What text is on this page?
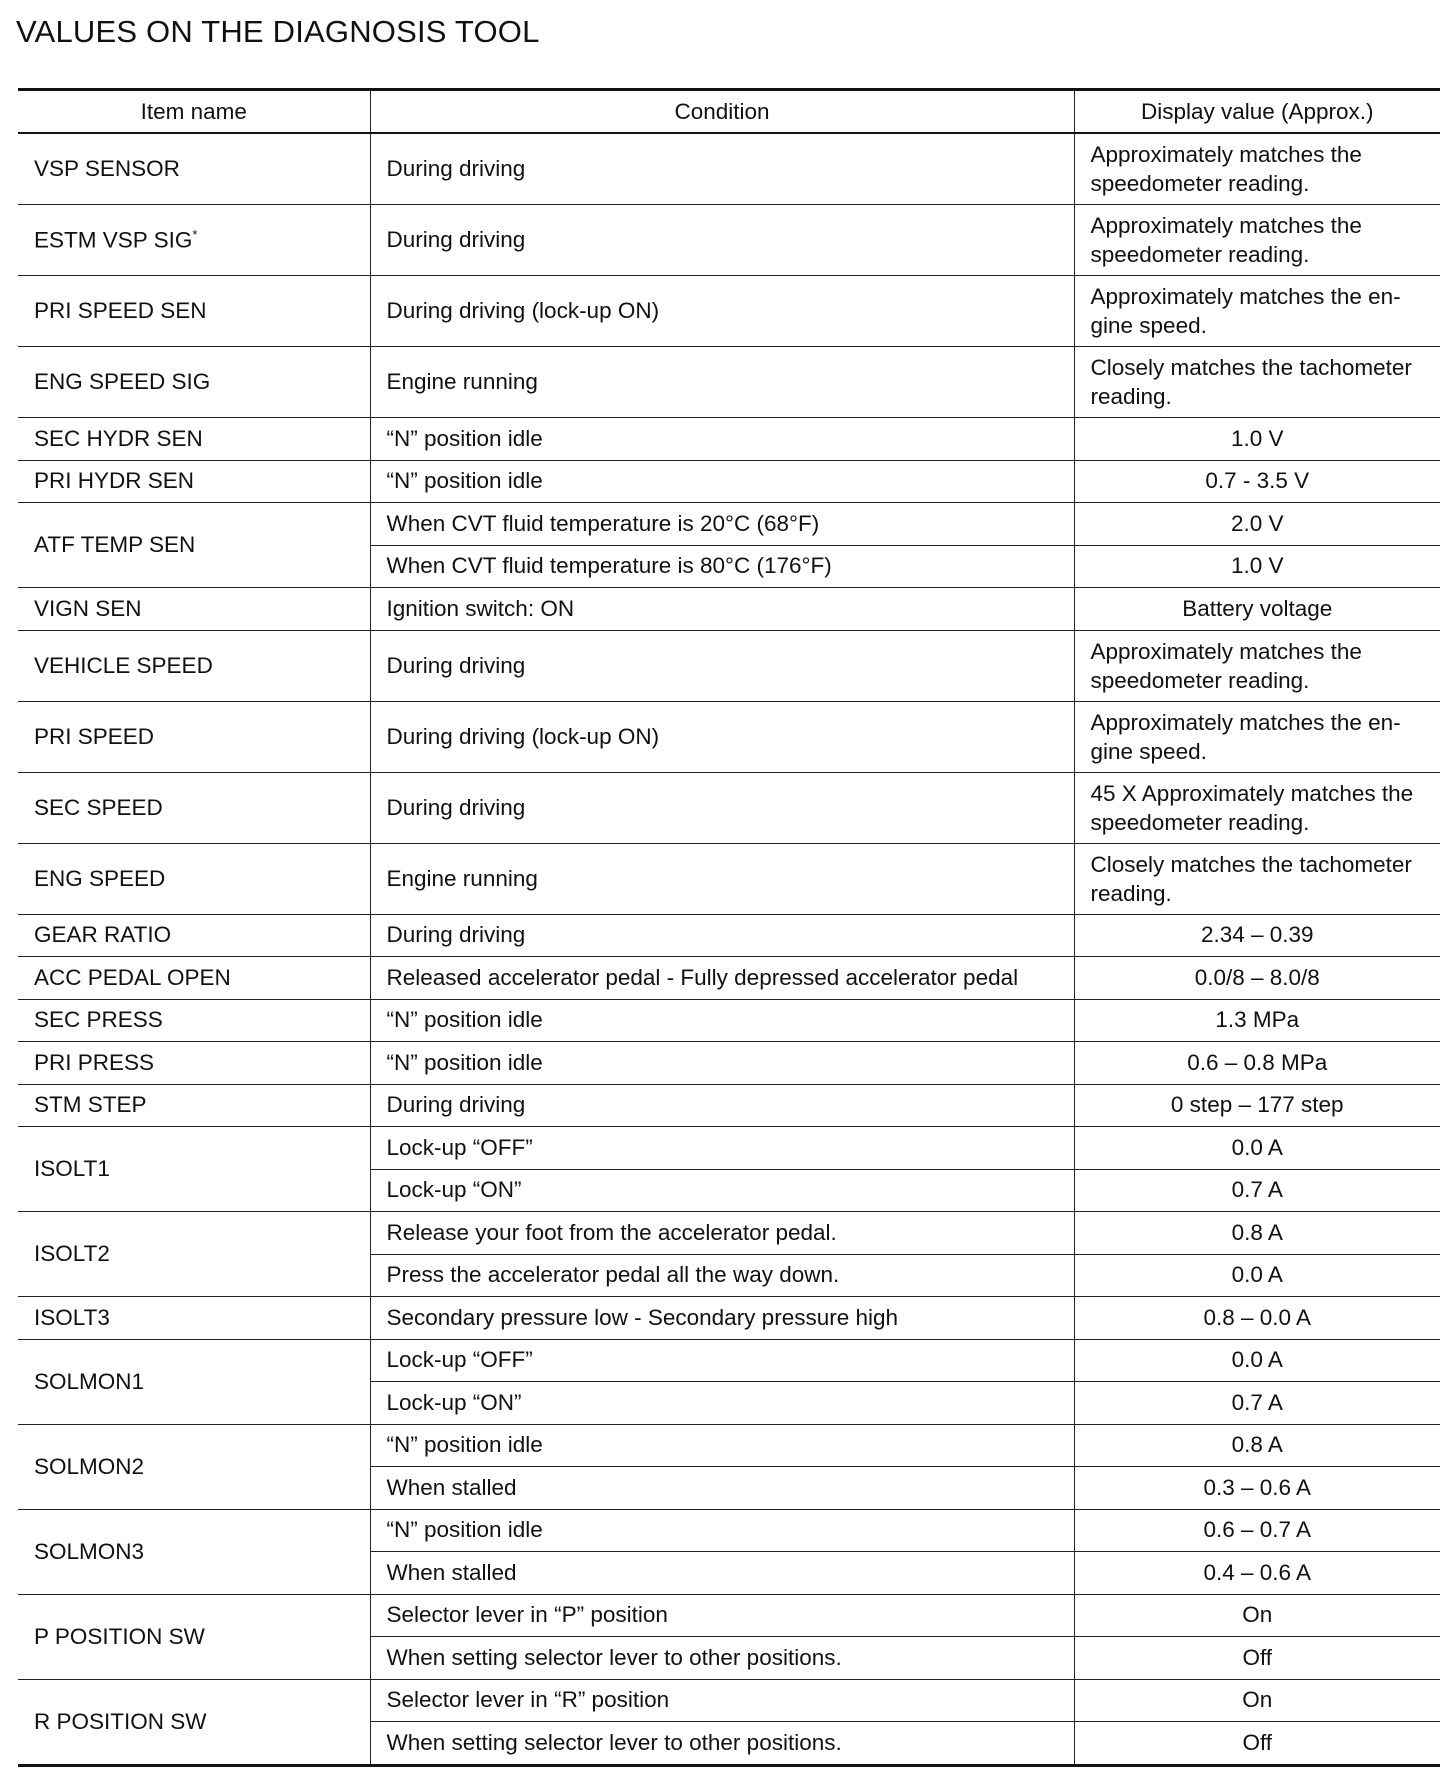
VALUES ON THE DIAGNOSIS TOOL
Item name	Condition	Display value (Approx.)
VSP SENSOR	During driving	Approximately matches the speedometer reading.
ESTM VSP SIG*	During driving	Approximately matches the speedometer reading.
PRI SPEED SEN	During driving (lock-up ON)	Approximately matches the en-gine speed.
ENG SPEED SIG	Engine running	Closely matches the tachometer reading.
SEC HYDR SEN	“N” position idle	1.0 V
PRI HYDR SEN	“N” position idle	0.7 - 3.5 V
ATF TEMP SEN	When CVT fluid temperature is 20°C (68°F)	2.0 V
	When CVT fluid temperature is 80°C (176°F)	1.0 V
VIGN SEN	Ignition switch: ON	Battery voltage
VEHICLE SPEED	During driving	Approximately matches the speedometer reading.
PRI SPEED	During driving (lock-up ON)	Approximately matches the en-gine speed.
SEC SPEED	During driving	45 X Approximately matches the speedometer reading.
ENG SPEED	Engine running	Closely matches the tachometer reading.
GEAR RATIO	During driving	2.34 – 0.39
ACC PEDAL OPEN	Released accelerator pedal - Fully depressed accelerator pedal	0.0/8 – 8.0/8
SEC PRESS	“N” position idle	1.3 MPa
PRI PRESS	“N” position idle	0.6 – 0.8 MPa
STM STEP	During driving	0 step – 177 step
ISOLT1	Lock-up “OFF”	0.0 A
	Lock-up “ON”	0.7 A
ISOLT2	Release your foot from the accelerator pedal.	0.8 A
	Press the accelerator pedal all the way down.	0.0 A
ISOLT3	Secondary pressure low - Secondary pressure high	0.8 – 0.0 A
SOLMON1	Lock-up “OFF”	0.0 A
	Lock-up “ON”	0.7 A
SOLMON2	“N” position idle	0.8 A
	When stalled	0.3 – 0.6 A
SOLMON3	“N” position idle	0.6 – 0.7 A
	When stalled	0.4 – 0.6 A
P POSITION SW	Selector lever in “P” position	On
	When setting selector lever to other positions.	Off
R POSITION SW	Selector lever in “R” position	On
	When setting selector lever to other positions.	Off
